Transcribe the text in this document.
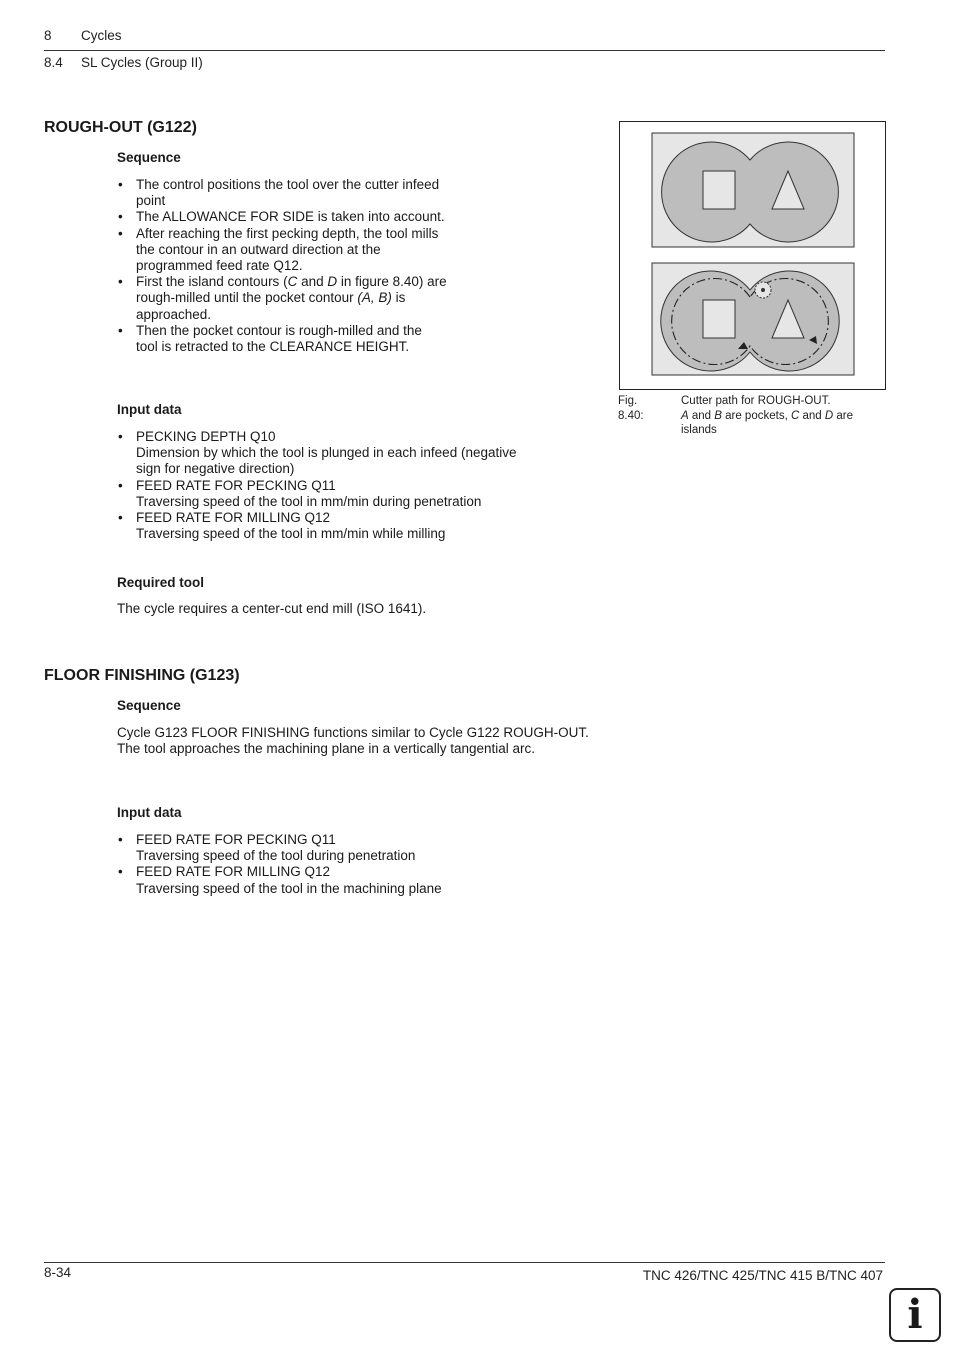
8 Cycles
8.4 SL Cycles (Group II)
ROUGH-OUT (G122)
Sequence
• The control positions the tool over the cutter infeed point
• The ALLOWANCE FOR SIDE is taken into account.
• After reaching the first pecking depth, the tool mills the contour in an outward direction at the programmed feed rate Q12.
• First the island contours (C and D in figure 8.40) are rough-milled until the pocket contour (A, B) is approached.
• Then the pocket contour is rough-milled and the tool is retracted to the CLEARANCE HEIGHT.
Input data
• PECKING DEPTH Q10
Dimension by which the tool is plunged in each infeed (negative sign for negative direction)
• FEED RATE FOR PECKING Q11
Traversing speed of the tool in mm/min during penetration
• FEED RATE FOR MILLING Q12
Traversing speed of the tool in mm/min while milling
Required tool

The cycle requires a center-cut end mill (ISO 1641).

FLOOR FINISHING (G123)
Sequence

Cycle G123 FLOOR FINISHING functions similar to Cycle G122 ROUGH-OUT. The tool approaches the machining plane in a vertically tangential arc.

Input data
• FEED RATE FOR PECKING Q11
Traversing speed of the tool during penetration
• FEED RATE FOR MILLING Q12
Traversing speed of the tool in the machining plane
Fig. 8.40:
Cutter path for ROUGH-OUT.
A and B are pockets, C and D are islands
8-34	TNC 426/TNC 425/TNC 415 B/TNC 407
i
